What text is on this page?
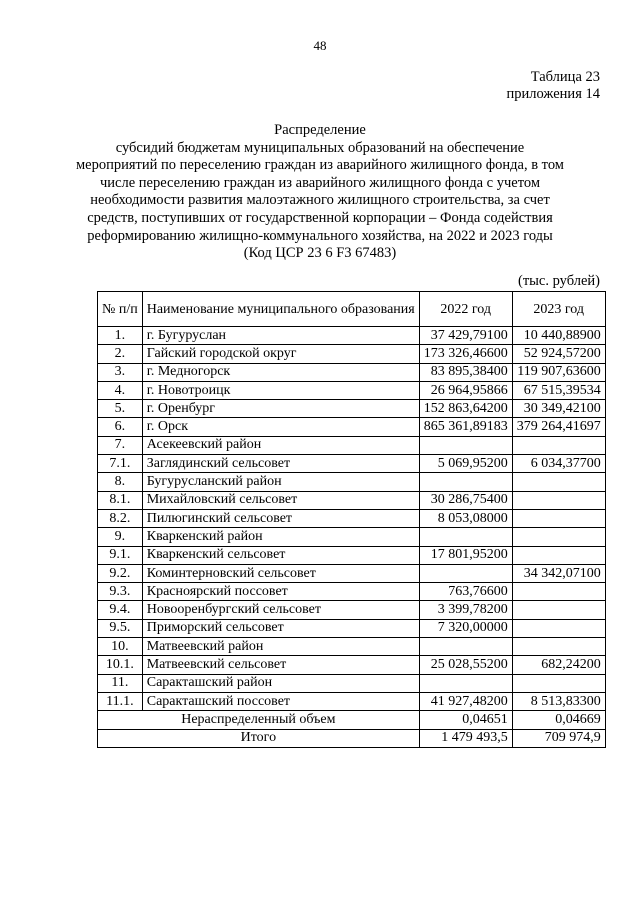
48
Таблица 23
приложения 14
Распределение
субсидий бюджетам муниципальных образований на обеспечение
мероприятий по переселению граждан из аварийного жилищного фонда, в том
числе переселению граждан из аварийного жилищного фонда с учетом
необходимости развития малоэтажного жилищного строительства, за счет
средств, поступивших от государственной корпорации – Фонда содействия
реформированию жилищно-коммунального хозяйства, на 2022 и 2023 годы
(Код ЦСР 23 6 F3 67483)
(тыс. рублей)
№ п/п	Наименование муниципального образования	2022 год	2023 год
1.	г. Бугуруслан	37 429,79100	10 440,88900
2.	Гайский городской округ	173 326,46600	52 924,57200
3.	г. Медногорск	83 895,38400	119 907,63600
4.	г. Новотроицк	26 964,95866	67 515,39534
5.	г. Оренбург	152 863,64200	30 349,42100
6.	г. Орск	865 361,89183	379 264,41697
7.	Асекеевский район		
7.1.	Заглядинский сельсовет	5 069,95200	6 034,37700
8.	Бугурусланский район		
8.1.	Михайловский сельсовет	30 286,75400	
8.2.	Пилюгинский сельсовет	8 053,08000	
9.	Кваркенский район		
9.1.	Кваркенский сельсовет	17 801,95200	
9.2.	Коминтерновский сельсовет		34 342,07100
9.3.	Красноярский поссовет	763,76600	
9.4.	Новооренбургский сельсовет	3 399,78200	
9.5.	Приморский сельсовет	7 320,00000	
10.	Матвеевский район		
10.1.	Матвеевский сельсовет	25 028,55200	682,24200
11.	Саракташский район		
11.1.	Саракташский поссовет	41 927,48200	8 513,83300
Нераспределенный объем		0,04651	0,04669
Итого		1 479 493,5	709 974,9
